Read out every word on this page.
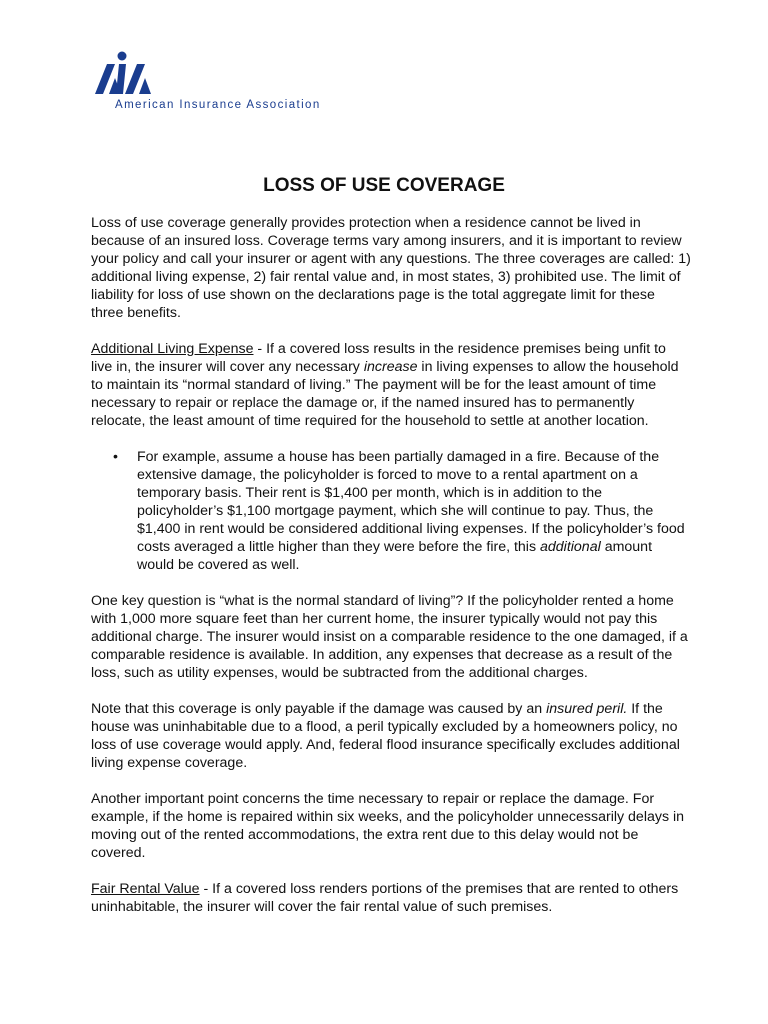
American Insurance Association
LOSS OF USE COVERAGE

Loss of use coverage generally provides protection when a residence cannot be lived in because of an insured loss. Coverage terms vary among insurers, and it is important to review your policy and call your insurer or agent with any questions. The three coverages are called: 1) additional living expense, 2) fair rental value and, in most states, 3) prohibited use. The limit of liability for loss of use shown on the declarations page is the total aggregate limit for these three benefits.

Additional Living Expense - If a covered loss results in the residence premises being unfit to live in, the insurer will cover any necessary increase in living expenses to allow the household to maintain its “normal standard of living.” The payment will be for the least amount of time necessary to repair or replace the damage or, if the named insured has to permanently relocate, the least amount of time required for the household to settle at another location.

• For example, assume a house has been partially damaged in a fire. Because of the extensive damage, the policyholder is forced to move to a rental apartment on a temporary basis. Their rent is $1,400 per month, which is in addition to the policyholder’s $1,100 mortgage payment, which she will continue to pay. Thus, the $1,400 in rent would be considered additional living expenses. If the policyholder’s food costs averaged a little higher than they were before the fire, this additional amount would be covered as well.

One key question is “what is the normal standard of living”? If the policyholder rented a home with 1,000 more square feet than her current home, the insurer typically would not pay this additional charge. The insurer would insist on a comparable residence to the one damaged, if a comparable residence is available. In addition, any expenses that decrease as a result of the loss, such as utility expenses, would be subtracted from the additional charges.

Note that this coverage is only payable if the damage was caused by an insured peril. If the house was uninhabitable due to a flood, a peril typically excluded by a homeowners policy, no loss of use coverage would apply. And, federal flood insurance specifically excludes additional living expense coverage.

Another important point concerns the time necessary to repair or replace the damage. For example, if the home is repaired within six weeks, and the policyholder unnecessarily delays in moving out of the rented accommodations, the extra rent due to this delay would not be covered.

Fair Rental Value - If a covered loss renders portions of the premises that are rented to others uninhabitable, the insurer will cover the fair rental value of such premises.
